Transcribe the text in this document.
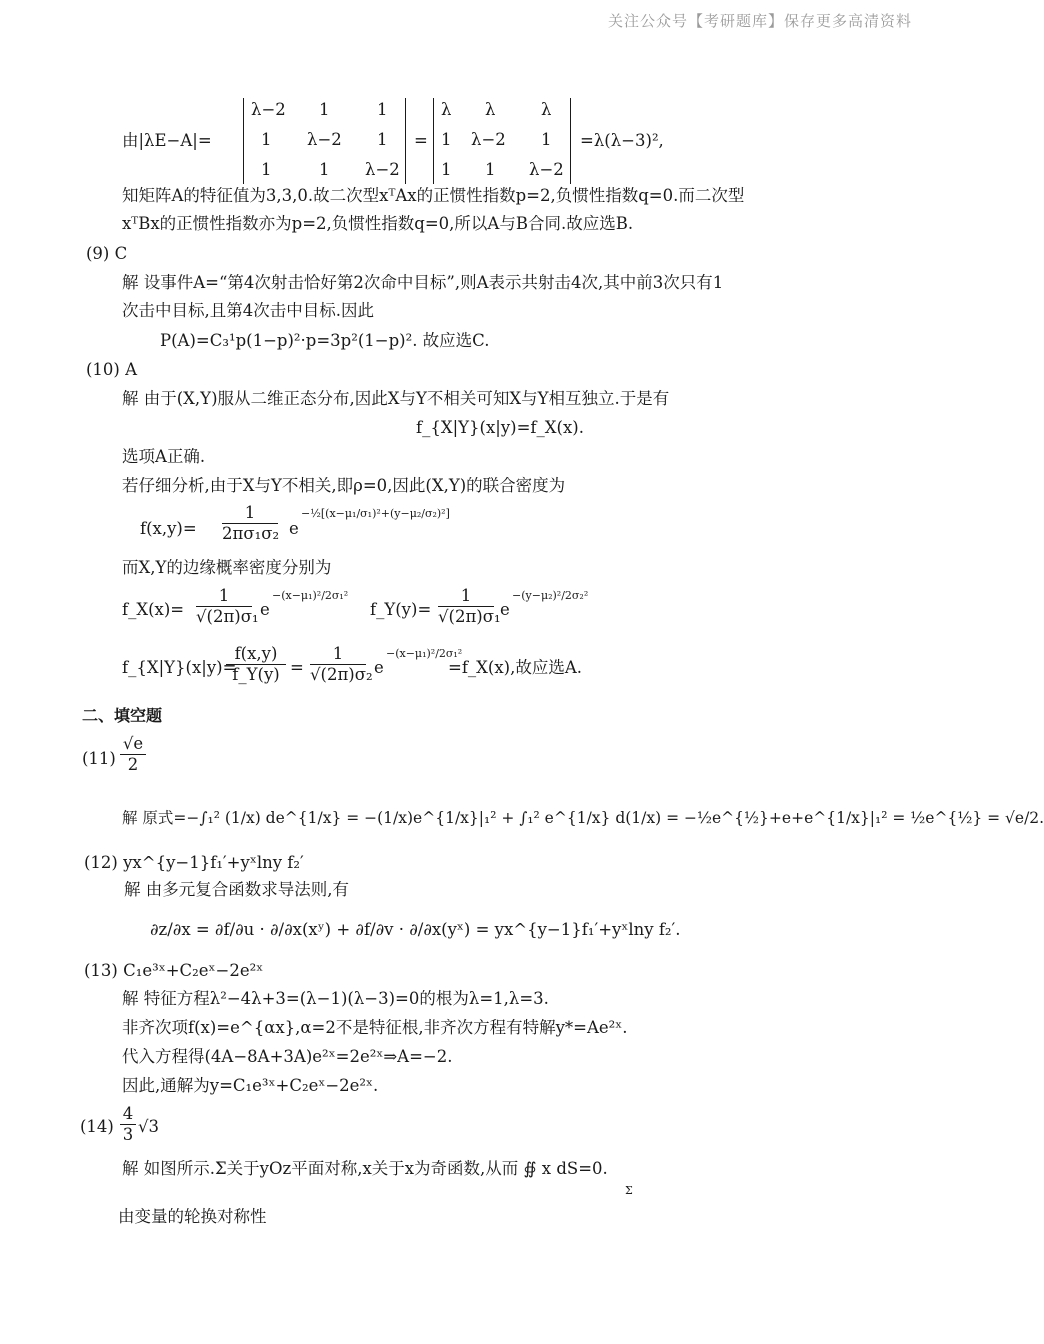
关注公众号【考研题库】保存更多高清资料
由|λE−A|=
λ−2 1	1
1 λ−2 1
1	1 λ−2
=
λ λ	λ
1 λ−2 1
1 1 λ−2
=λ(λ−3)²,
知矩阵A的特征值为3,3,0.故二次型xᵀAx的正惯性指数p=2,负惯性指数q=0.而二次型
xᵀBx的正惯性指数亦为p=2,负惯性指数q=0,所以A与B合同.故应选B.
(9) C
解 设事件A=“第4次射击恰好第2次命中目标”,则A表示共射击4次,其中前3次只有1
次击中目标,且第4次击中目标.因此
P(A)=C₃¹p(1−p)²·p=3p²(1−p)². 故应选C.
(10) A
解 由于(X,Y)服从二维正态分布,因此X与Y不相关可知X与Y相互独立.于是有
f_{X|Y}(x|y)=f_X(x).
选项A正确.
若仔细分析,由于X与Y不相关,即ρ=0,因此(X,Y)的联合密度为
f(x,y)=
1
2πσ₁σ₂ e
−½[(x−μ₁/σ₁)²+(y−μ₂/σ₂)²]
而X,Y的边缘概率密度分别为
f_X(x)=
1
√(2π)σ₁ e
−(x−μ₁)²/2σ₁²
f_Y(y)=
1
√(2π)σ₁ e
−(y−μ₂)²/2σ₂²
f_{X|Y}(x|y)=
f(x,y)
f_Y(y) =
1
√(2π)σ₂ e
−(x−μ₁)²/2σ₁²
=f_X(x),故应选A.
二、填空题
(11)
√e
2
解 原式=−∫₁² (1/x) de^{1/x} = −(1/x)e^{1/x}|₁² + ∫₁² e^{1/x} d(1/x) = −½e^{½}+e+e^{1/x}|₁² = ½e^{½} = √e/2.
(12) yx^{y−1}f₁′+yˣlny f₂′
解 由多元复合函数求导法则,有
∂z/∂x = ∂f/∂u · ∂/∂x(xʸ) + ∂f/∂v · ∂/∂x(yˣ) = yx^{y−1}f₁′+yˣlny f₂′.
(13) C₁e³ˣ+C₂eˣ−2e²ˣ
解 特征方程λ²−4λ+3=(λ−1)(λ−3)=0的根为λ=1,λ=3.
非齐次项f(x)=e^{αx},α=2不是特征根,非齐次方程有特解y*=Ae²ˣ.
代入方程得(4A−8A+3A)e²ˣ=2e²ˣ⇒A=−2.
因此,通解为y=C₁e³ˣ+C₂eˣ−2e²ˣ.
(14)
4
3 √3
解 如图所示.Σ关于yOz平面对称,x关于x为奇函数,从而 ∯ x dS=0.
Σ
由变量的轮换对称性
